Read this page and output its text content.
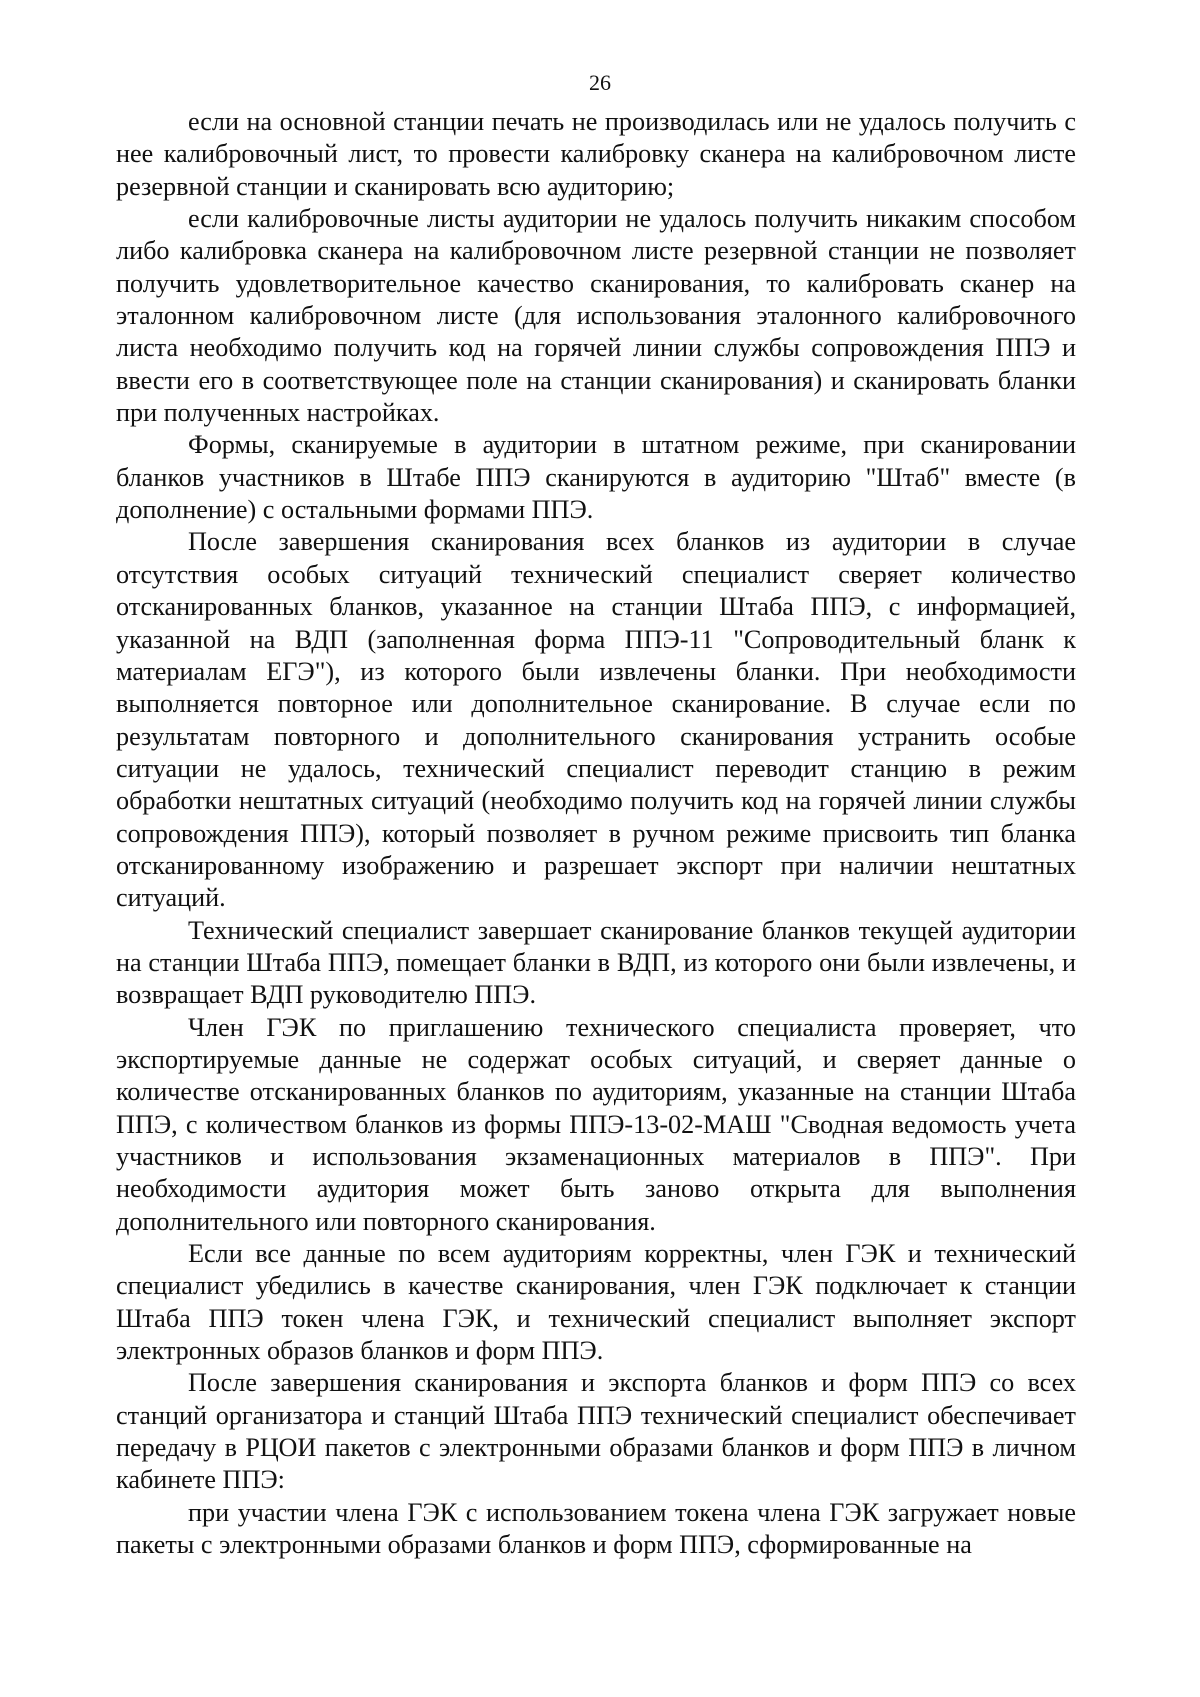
26

если на основной станции печать не производилась или не удалось получить с нее калибровочный лист, то провести калибровку сканера на калибровочном листе резервной станции и сканировать всю аудиторию;

если калибровочные листы аудитории не удалось получить никаким способом либо калибровка сканера на калибровочном листе резервной станции не позволяет получить удовлетворительное качество сканирования, то калибровать сканер на эталонном калибровочном листе (для использования эталонного калибровочного листа необходимо получить код на горячей линии службы сопровождения ППЭ и ввести его в соответствующее поле на станции сканирования) и сканировать бланки при полученных настройках.

Формы, сканируемые в аудитории в штатном режиме, при сканировании бланков участников в Штабе ППЭ сканируются в аудиторию "Штаб" вместе (в дополнение) с остальными формами ППЭ.

После завершения сканирования всех бланков из аудитории в случае отсутствия особых ситуаций технический специалист сверяет количество отсканированных бланков, указанное на станции Штаба ППЭ, с информацией, указанной на ВДП (заполненная форма ППЭ-11 "Сопроводительный бланк к материалам ЕГЭ"), из которого были извлечены бланки. При необходимости выполняется повторное или дополнительное сканирование. В случае если по результатам повторного и дополнительного сканирования устранить особые ситуации не удалось, технический специалист переводит станцию в режим обработки нештатных ситуаций (необходимо получить код на горячей линии службы сопровождения ППЭ), который позволяет в ручном режиме присвоить тип бланка отсканированному изображению и разрешает экспорт при наличии нештатных ситуаций.

Технический специалист завершает сканирование бланков текущей аудитории на станции Штаба ППЭ, помещает бланки в ВДП, из которого они были извлечены, и возвращает ВДП руководителю ППЭ.

Член ГЭК по приглашению технического специалиста проверяет, что экспортируемые данные не содержат особых ситуаций, и сверяет данные о количестве отсканированных бланков по аудиториям, указанные на станции Штаба ППЭ, с количеством бланков из формы ППЭ-13-02-МАШ "Сводная ведомость учета участников и использования экзаменационных материалов в ППЭ". При необходимости аудитория может быть заново открыта для выполнения дополнительного или повторного сканирования.

Если все данные по всем аудиториям корректны, член ГЭК и технический специалист убедились в качестве сканирования, член ГЭК подключает к станции Штаба ППЭ токен члена ГЭК, и технический специалист выполняет экспорт электронных образов бланков и форм ППЭ.

После завершения сканирования и экспорта бланков и форм ППЭ со всех станций организатора и станций Штаба ППЭ технический специалист обеспечивает передачу в РЦОИ пакетов с электронными образами бланков и форм ППЭ в личном кабинете ППЭ:

при участии члена ГЭК с использованием токена члена ГЭК загружает новые пакеты с электронными образами бланков и форм ППЭ, сформированные на
